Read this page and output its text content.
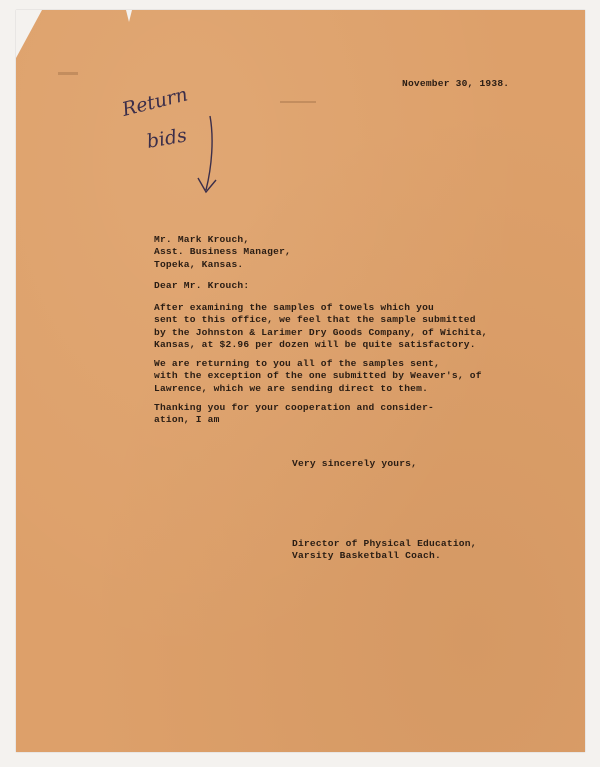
November 30, 1938.

Return
bids
Mr. Mark Krouch,
Asst. Business Manager,
Topeka, Kansas.

Dear Mr. Krouch:

After examining the samples of towels which you
sent to this office, we feel that the sample submitted
by the Johnston & Larimer Dry Goods Company, of Wichita,
Kansas, at $2.96 per dozen will be quite satisfactory.

We are returning to you all of the samples sent,
with the exception of the one submitted by Weaver's, of
Lawrence, which we are sending direct to them.

Thanking you for your cooperation and consider-
ation, I am

Very sincerely yours,

Director of Physical Education,
Varsity Basketball Coach.
